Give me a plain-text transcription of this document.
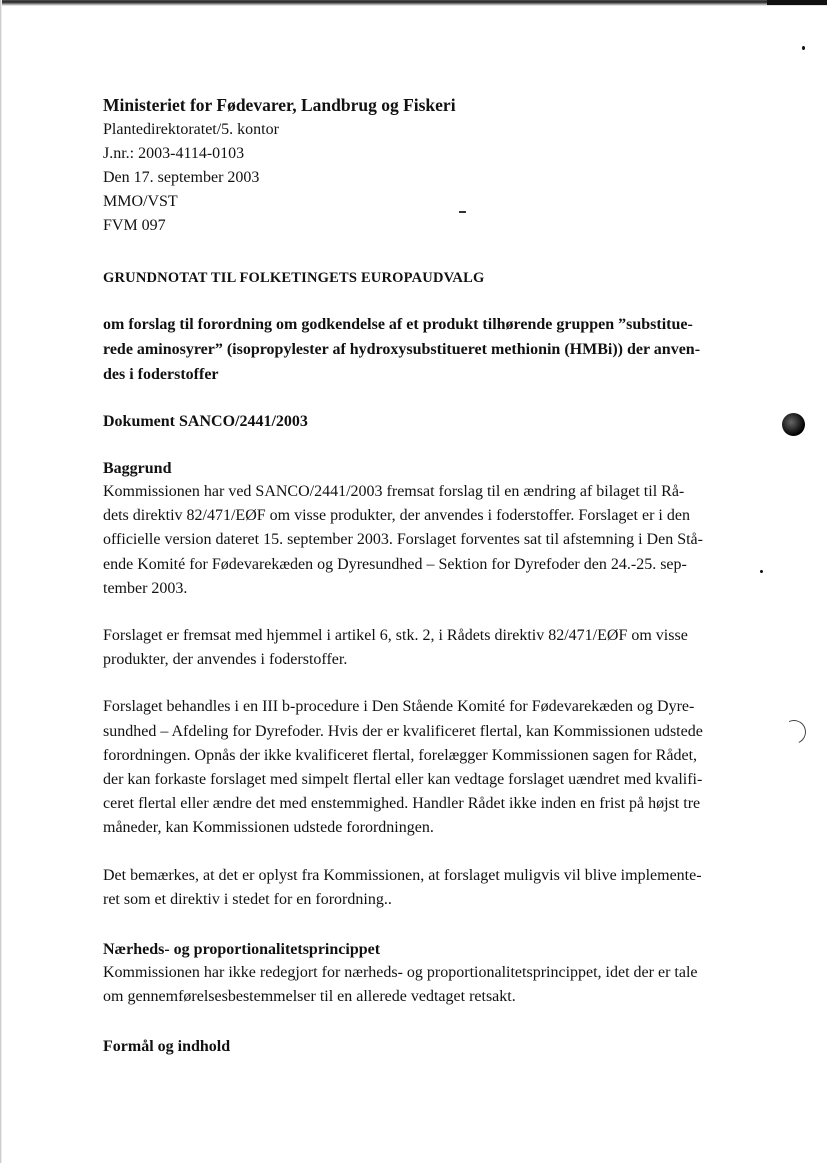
Ministeriet for Fødevarer, Landbrug og Fiskeri
Plantedirektoratet/5. kontor
J.nr.: 2003-4114-0103
Den 17. september 2003
MMO/VST
FVM 097
GRUNDNOTAT TIL FOLKETINGETS EUROPAUDVALG
om forslag til forordning om godkendelse af et produkt tilhørende gruppen ”substitue-
rede aminosyrer” (isopropylester af hydroxysubstitueret methionin (HMBi)) der anven-
des i foderstoffer
Dokument SANCO/2441/2003
Baggrund

Kommissionen har ved SANCO/2441/2003 fremsat forslag til en ændring af bilaget til Rå-
dets direktiv 82/471/EØF om visse produkter, der anvendes i foderstoffer. Forslaget er i den
officielle version dateret 15. september 2003. Forslaget forventes sat til afstemning i Den Stå-
ende Komité for Fødevarekæden og Dyresundhed – Sektion for Dyrefoder den 24.-25. sep-
tember 2003.

Forslaget er fremsat med hjemmel i artikel 6, stk. 2, i Rådets direktiv 82/471/EØF om visse
produkter, der anvendes i foderstoffer.

Forslaget behandles i en III b-procedure i Den Stående Komité for Fødevarekæden og Dyre-
sundhed – Afdeling for Dyrefoder. Hvis der er kvalificeret flertal, kan Kommissionen udstede
forordningen. Opnås der ikke kvalificeret flertal, forelægger Kommissionen sagen for Rådet,
der kan forkaste forslaget med simpelt flertal eller kan vedtage forslaget uændret med kvalifi-
ceret flertal eller ændre det med enstemmighed. Handler Rådet ikke inden en frist på højst tre
måneder, kan Kommissionen udstede forordningen.

Det bemærkes, at det er oplyst fra Kommissionen, at forslaget muligvis vil blive implemente-
ret som et direktiv i stedet for en forordning..

Nærheds- og proportionalitetsprincippet

Kommissionen har ikke redegjort for nærheds- og proportionalitetsprincippet, idet der er tale
om gennemførelsesbestemmelser til en allerede vedtaget retsakt.

Formål og indhold
